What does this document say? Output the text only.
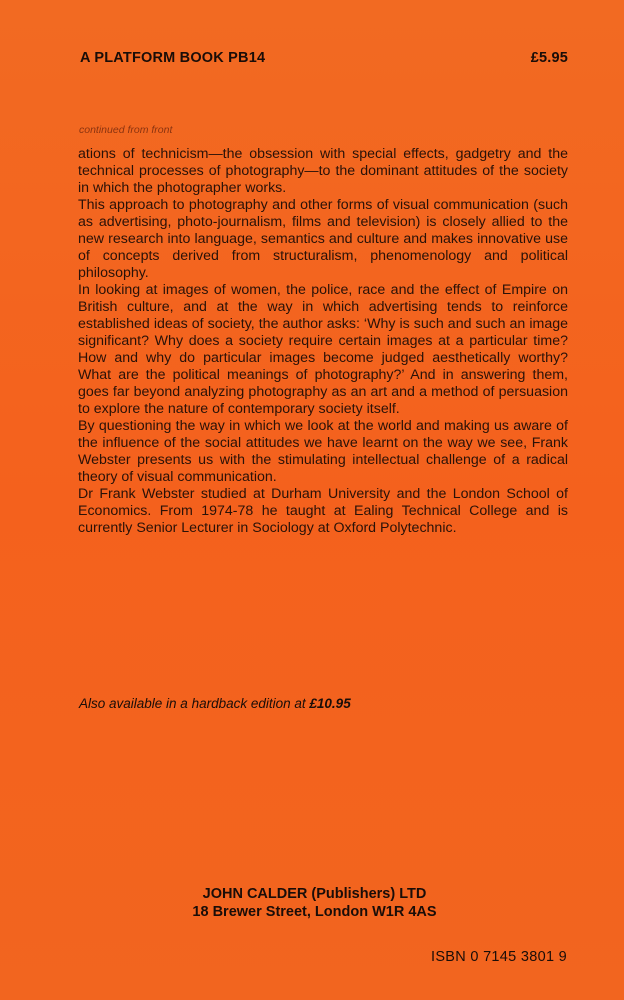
A PLATFORM BOOK PB14	£5.95
continued from front

ations of technicism—the obsession with special effects, gadgetry and the technical processes of photography—to the dominant attitudes of the society in which the photographer works.

This approach to photography and other forms of visual communication (such as advertising, photo-journalism, films and television) is closely allied to the new research into language, semantics and culture and makes innovative use of concepts derived from structuralism, phenomenology and political philosophy.

In looking at images of women, the police, race and the effect of Empire on British culture, and at the way in which advertising tends to reinforce established ideas of society, the author asks: ‘Why is such and such an image significant? Why does a society require certain images at a particular time? How and why do particular images become judged aesthetically worthy? What are the political meanings of photography?’ And in answering them, goes far beyond analyzing photography as an art and a method of persuasion to explore the nature of contemporary society itself.

By questioning the way in which we look at the world and making us aware of the influence of the social attitudes we have learnt on the way we see, Frank Webster presents us with the stimulating intellectual challenge of a radical theory of visual communication.

Dr Frank Webster studied at Durham University and the London School of Economics. From 1974-78 he taught at Ealing Technical College and is currently Senior Lecturer in Sociology at Oxford Polytechnic.

Also available in a hardback edition at £10.95
JOHN CALDER (Publishers) LTD
18 Brewer Street, London W1R 4AS
ISBN 0 7145 3801 9
